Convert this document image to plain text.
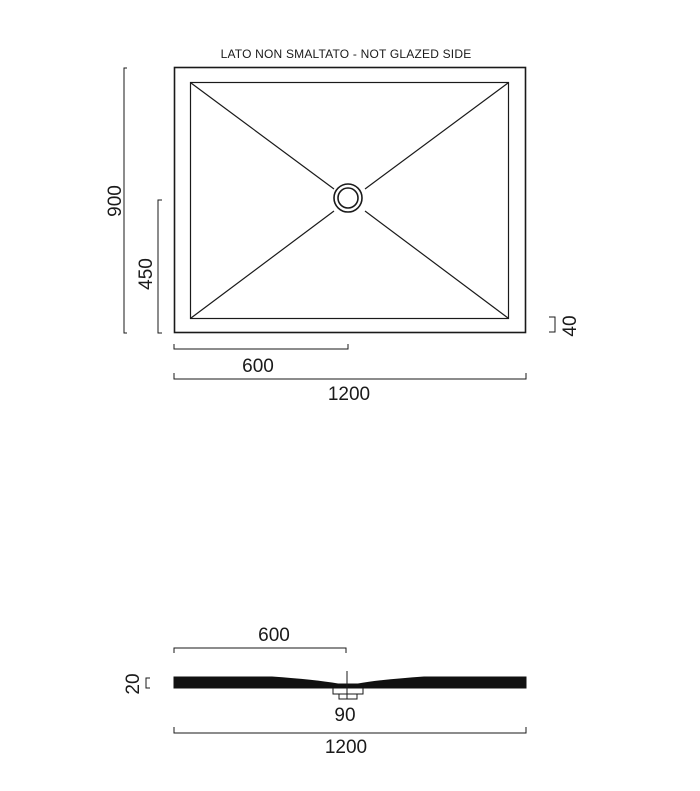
LATO NON SMALTATO - NOT GLAZED SIDE
900
450
40
600
1200
600
20
90
1200
